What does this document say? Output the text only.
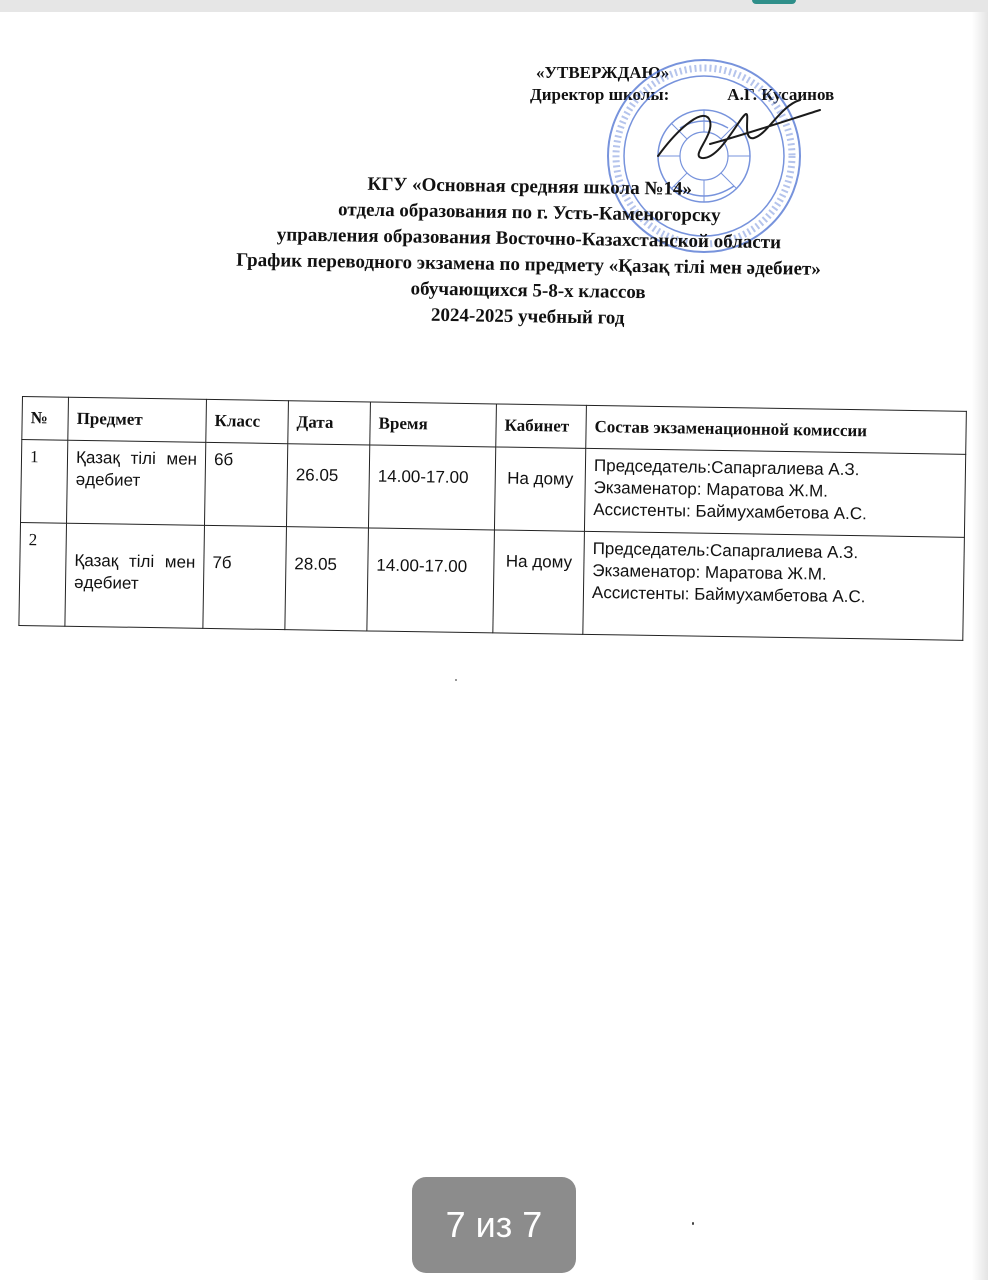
«УТВЕРЖДАЮ»
Директор школы:	А.Г. Кусаинов
КГУ «Основная средняя школа №14»
отдела образования по г. Усть-Каменогорску
управления образования Восточно-Казахстанской области
График переводного экзамена по предмету «Қазақ тілі мен әдебиет»
обучающихся 5-8-х классов
2024-2025 учебный год
№	Предмет	Класс	Дата	Время	Кабинет	Состав экзаменационной комиссии
1	Қазақ тілі мен әдебиет	6б	26.05	14.00-17.00	На дому	Председатель:Сапаргалиева А.З.
Экзаменатор: Маратова Ж.М.
Ассистенты: Баймухамбетова А.С.

2	Қазақ тілі мен әдебиет	7б	28.05	14.00-17.00	На дому	Председатель:Сапаргалиева А.З.
Экзаменатор: Маратова Ж.М.
Ассистенты: Баймухамбетова А.С.
7 из 7
